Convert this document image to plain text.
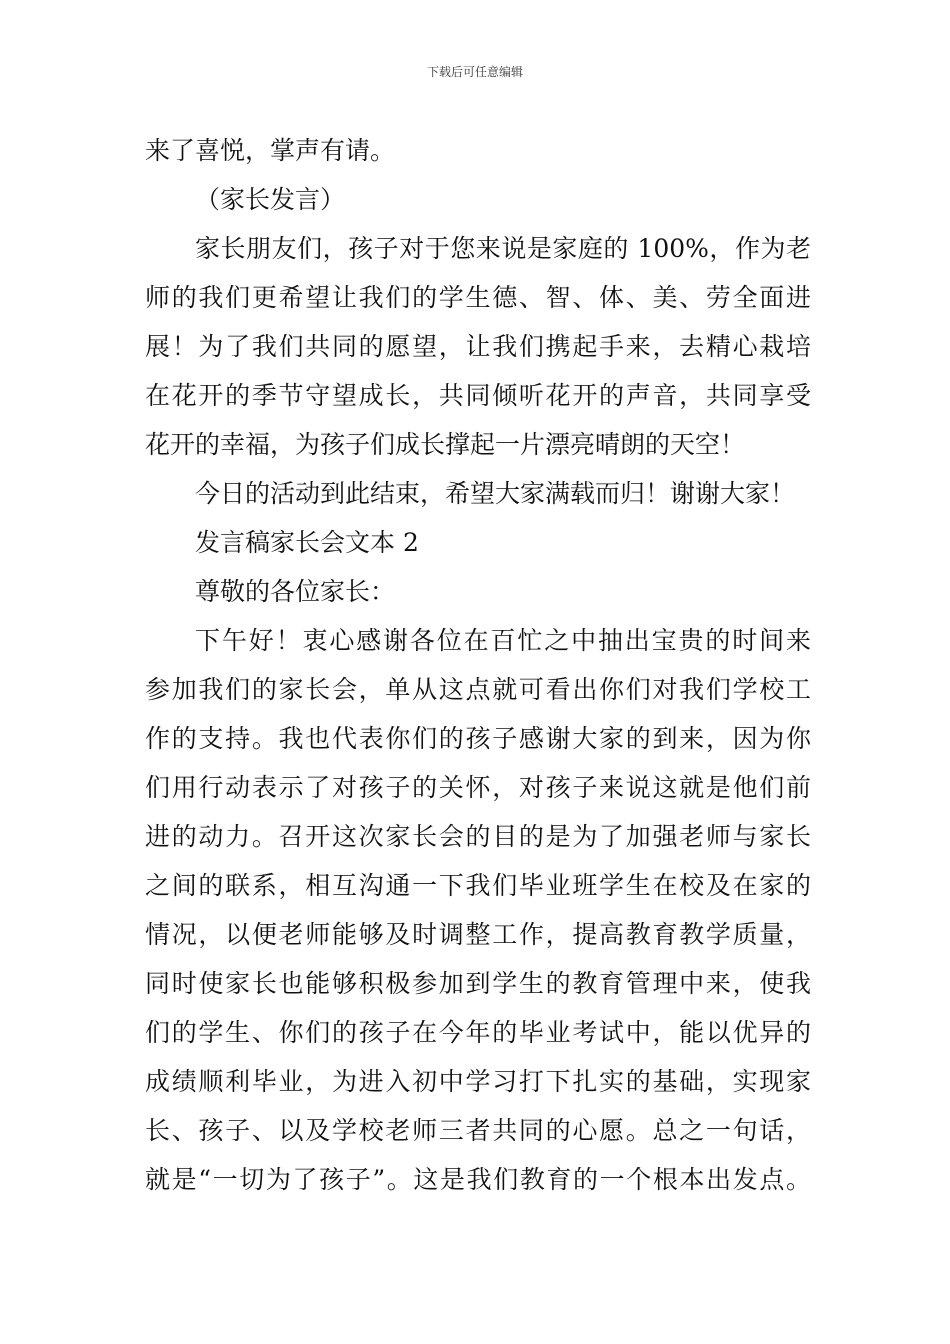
下载后可任意编辑
来了喜悦，掌声有请。
（家长发言）
家长朋友们，孩子对于您来说是家庭的 100%，作为老
师的我们更希望让我们的学生德、智、体、美、劳全面进
展！为了我们共同的愿望，让我们携起手来，去精心栽培
在花开的季节守望成长，共同倾听花开的声音，共同享受
花开的幸福，为孩子们成长撑起一片漂亮晴朗的天空！
今日的活动到此结束，希望大家满载而归！谢谢大家！
发言稿家长会文本 2
尊敬的各位家长：
下午好！衷心感谢各位在百忙之中抽出宝贵的时间来
参加我们的家长会，单从这点就可看出你们对我们学校工
作的支持。我也代表你们的孩子感谢大家的到来，因为你
们用行动表示了对孩子的关怀，对孩子来说这就是他们前
进的动力。召开这次家长会的目的是为了加强老师与家长
之间的联系，相互沟通一下我们毕业班学生在校及在家的
情况，以便老师能够及时调整工作，提高教育教学质量，
同时使家长也能够积极参加到学生的教育管理中来，使我
们的学生、你们的孩子在今年的毕业考试中，能以优异的
成绩顺利毕业，为进入初中学习打下扎实的基础，实现家
长、孩子、以及学校老师三者共同的心愿。总之一句话，
就是“一切为了孩子”。这是我们教育的一个根本出发点。
